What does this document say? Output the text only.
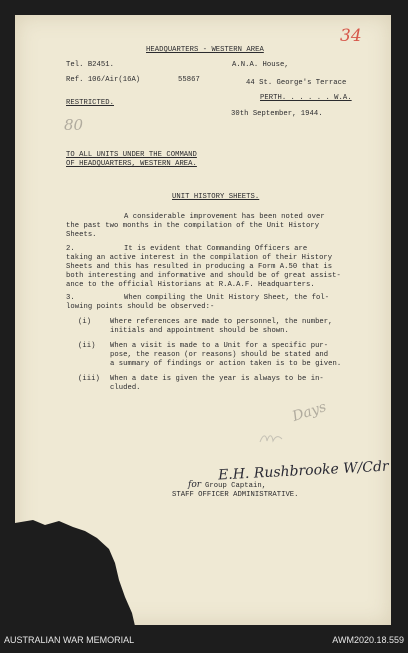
HEADQUARTERS - WESTERN AREA
Tel. B2451.
Ref. 106/Air(16A)	55867
RESTRICTED.
A.N.A. House,
44 St. George's Terrace
PERTH. . . . . . W.A.
30th September, 1944.
34
80
TO ALL UNITS UNDER THE COMMAND
OF HEADQUARTERS, WESTERN AREA.
UNIT HISTORY SHEETS.
A considerable improvement has been noted over
the past two months in the compilation of the Unit History
Sheets.
2.	It is evident that Commanding Officers are
taking an active interest in the compilation of their History
Sheets and this has resulted in producing a Form A.50 that is
both interesting and informative and should be of great assist-
ance to the official Historians at R.A.A.F. Headquarters.
3.	When compiling the Unit History Sheet, the fol-
lowing points should be observed:-
(i)	Where references are made to personnel, the number,
initials and appointment should be shown.
(ii) When a visit is made to a Unit for a specific pur-
pose, the reason (or reasons) should be stated and
a summary of findings or action taken is to be given.
(iii) When a date is given the year is always to be in-
cluded.
Days
E.H. Rushbrooke W/Cdr
for Group Captain,
STAFF OFFICER ADMINISTRATIVE.
AUSTRALIAN WAR MEMORIAL	AWM2020.18.559
